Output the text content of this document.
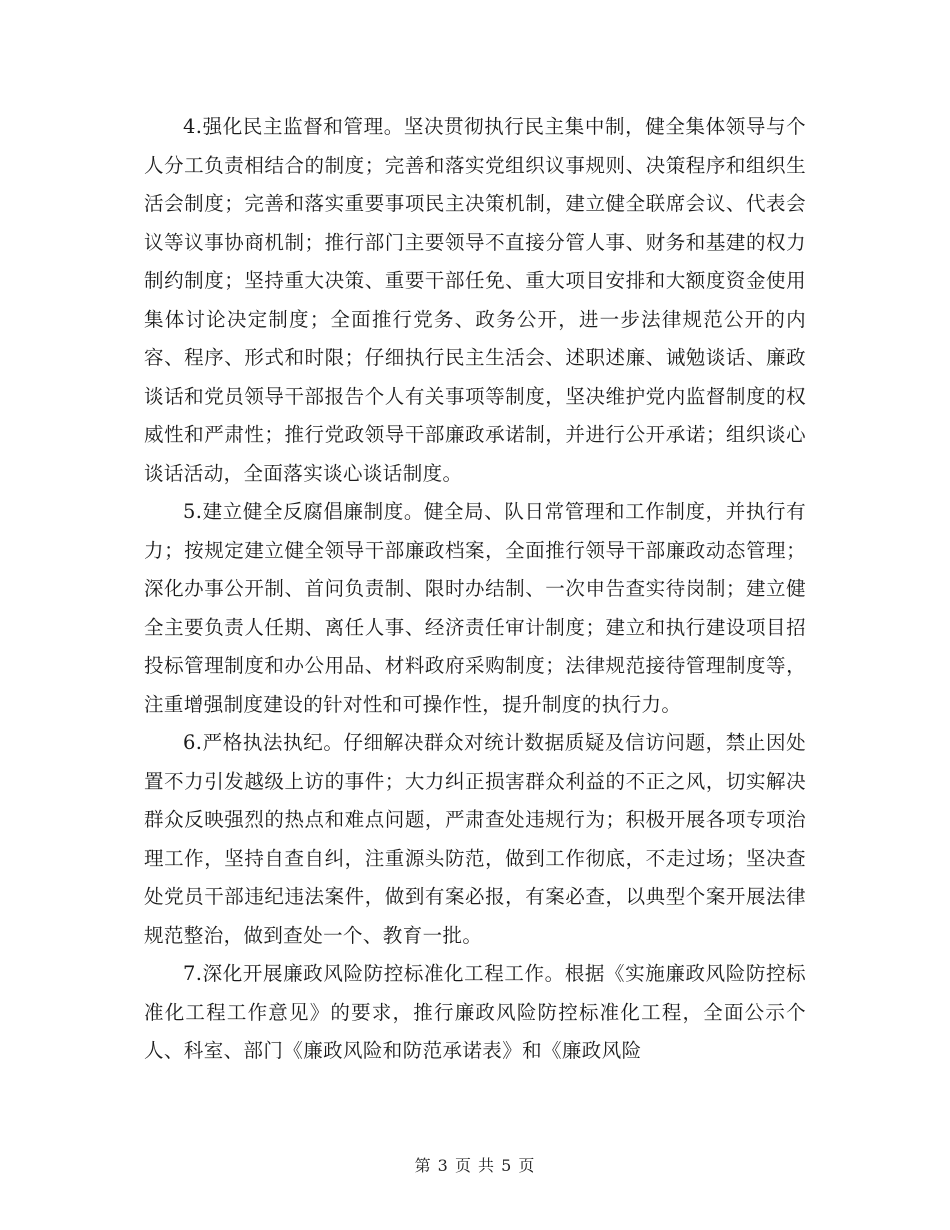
4.强化民主监督和管理。坚决贯彻执行民主集中制，健全集体领导与个人分工负责相结合的制度；完善和落实党组织议事规则、决策程序和组织生活会制度；完善和落实重要事项民主决策机制，建立健全联席会议、代表会议等议事协商机制；推行部门主要领导不直接分管人事、财务和基建的权力制约制度；坚持重大决策、重要干部任免、重大项目安排和大额度资金使用集体讨论决定制度；全面推行党务、政务公开，进一步法律规范公开的内容、程序、形式和时限；仔细执行民主生活会、述职述廉、诫勉谈话、廉政谈话和党员领导干部报告个人有关事项等制度，坚决维护党内监督制度的权威性和严肃性；推行党政领导干部廉政承诺制，并进行公开承诺；组织谈心谈话活动，全面落实谈心谈话制度。

5.建立健全反腐倡廉制度。健全局、队日常管理和工作制度，并执行有力；按规定建立健全领导干部廉政档案，全面推行领导干部廉政动态管理；深化办事公开制、首问负责制、限时办结制、一次申告查实待岗制；建立健全主要负责人任期、离任人事、经济责任审计制度；建立和执行建设项目招投标管理制度和办公用品、材料政府采购制度；法律规范接待管理制度等，注重增强制度建设的针对性和可操作性，提升制度的执行力。

6.严格执法执纪。仔细解决群众对统计数据质疑及信访问题，禁止因处置不力引发越级上访的事件；大力纠正损害群众利益的不正之风，切实解决群众反映强烈的热点和难点问题，严肃查处违规行为；积极开展各项专项治理工作，坚持自查自纠，注重源头防范，做到工作彻底，不走过场；坚决查处党员干部违纪违法案件，做到有案必报，有案必查，以典型个案开展法律规范整治，做到查处一个、教育一批。

7.深化开展廉政风险防控标准化工程工作。根据《实施廉政风险防控标准化工程工作意见》的要求，推行廉政风险防控标准化工程，全面公示个人、科室、部门《廉政风险和防范承诺表》和《廉政风险

第 3 页 共 5 页
